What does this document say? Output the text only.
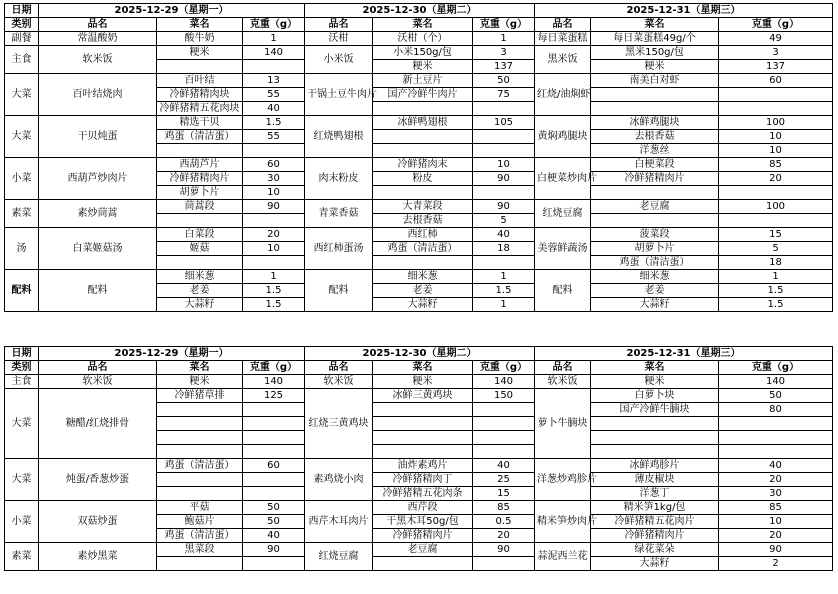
日期	2025-12-29（星期一）			2025-12-30（星期二）			2025-12-31（星期三）		
类别	品名	菜名	克重（g）	品名	菜名	克重（g）	品名	菜名	克重（g）
副餐	常温酸奶	酸牛奶	1	沃柑	沃柑（个）	1	每日菜蛋糕	每日菜蛋糕49g/个	49
主食	软米饭	粳米	140	小米饭	小米150g/包	3	黑米饭	黑米150g/包	3
					粳米	137		粳米	137
大菜	百叶结烧肉	百叶结	13	干锅土豆牛肉片	新土豆片	50	红烧/油焖虾	南美白对虾	60
		冷鲜猪精肉块	55		国产冷鲜牛肉片	75			
		冷鲜猪精五花肉块	40						
大菜	干贝炖蛋	精选干贝	1.5	红烧鸭翅根	冰鲜鸭翅根	105	黄焖鸡腿块	冰鲜鸡腿块	100
		鸡蛋（清洁蛋）	55					去根香菇	10
								洋葱丝	10
小菜	西葫芦炒肉片	西葫芦片	60	肉末粉皮	冷鲜猪肉末	10	白梗菜炒肉片	白梗菜段	85
		冷鲜猪精肉片	30		粉皮	90		冷鲜猪精肉片	20
		胡萝卜片	10						
素菜	素炒茼蒿	茼蒿段	90	青菜香菇	大青菜段	90	红烧豆腐	老豆腐	100
					去根香菇	5			
汤	白菜姬菇汤	白菜段	20	西红柿蛋汤	西红柿	40	美蓉鲜蔬汤	菠菜段	15
		姬菇	10		鸡蛋（清洁蛋）	18		胡萝卜片	5
								鸡蛋（清洁蛋）	18
配料	配料	细米葱	1	配料	细米葱	1	配料	细米葱	1
		老姜	1.5		老姜	1.5		老姜	1.5
		大蒜籽	1.5		大蒜籽	1		大蒜籽	1.5
日期	2025-12-29（星期一）			2025-12-30（星期二）			2025-12-31（星期三）		
类别	品名	菜名	克重（g）	品名	菜名	克重（g）	品名	菜名	克重（g）
主食	软米饭	粳米	140	软米饭	粳米	140	软米饭	粳米	140
大菜	糖醋/红烧排骨	冷鲜猪草排	125	红烧三黄鸡块	冰鲜三黄鸡块	150	萝卜牛腩块	白萝卜块	50
								国产冷鲜牛腩块	80

大菜	炖蛋/香葱炒蛋	鸡蛋（清洁蛋）	60	素鸡烧小肉	油炸素鸡片	40	洋葱炒鸡胗片	冰鲜鸡胗片	40
					冷鲜猪精肉丁	25		薄皮椒块	20
					冷鲜猪精五花肉条	15		洋葱丁	30
小菜	双菇炒蛋	平菇	50	西芹木耳肉片	西芹段	85	精米笋炒肉片	精米笋1kg/包	85
		鲍菇片	50		干黑木耳50g/包	0.5		冷鲜猪精五花肉片	10
		鸡蛋（清洁蛋）	40		冷鲜猪精肉片	20		冷鲜猪精肉片	20
素菜	素炒黑菜	黑菜段	90	红烧豆腐	老豆腐	90	蒜泥西兰花	绿花菜朵	90
								大蒜籽	2
